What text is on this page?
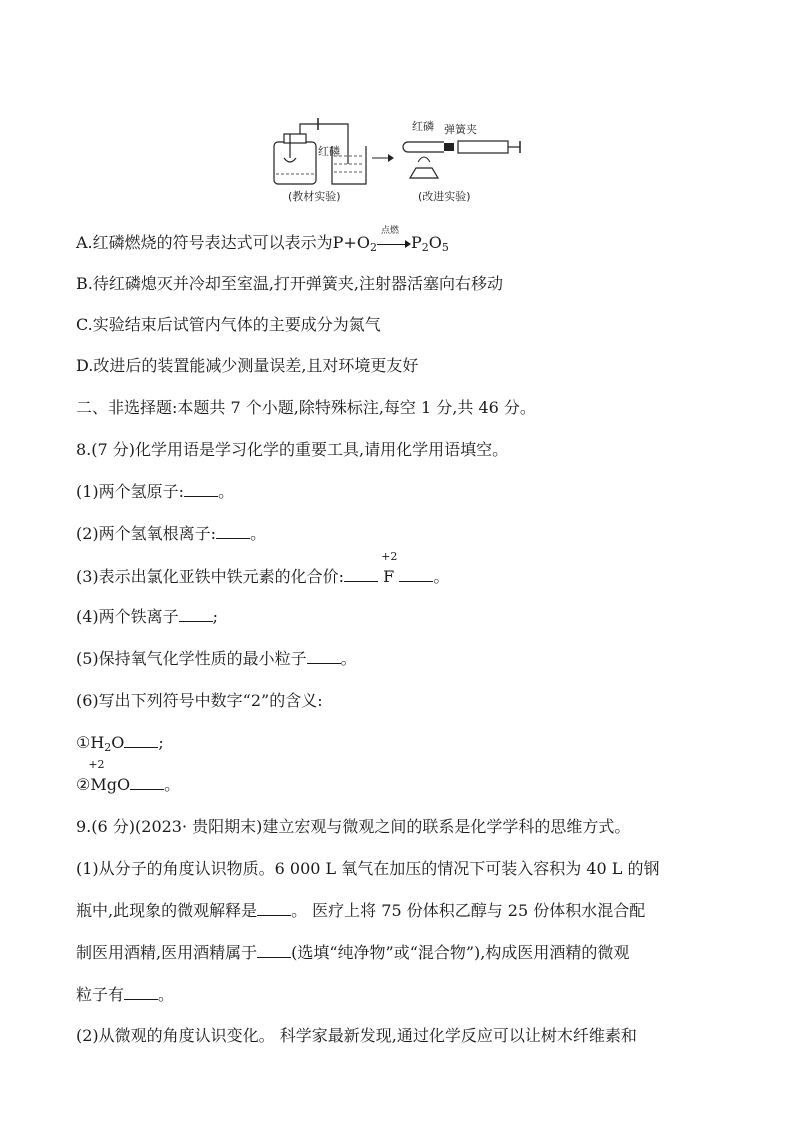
红磷
红磷 弹簧夹
(教材实验)	(改进实验)
A.红磷燃烧的符号表达式可以表示为$P+O_2$
点燃
$P_2O_5$
B.待红磷熄灭并冷却至室温,打开弹簧夹,注射器活塞向右移动
C.实验结束后试管内气体的主要成分为氮气
D.改进后的装置能减少测量误差,且对环境更友好
二、非选择题:本题共 7 个小题,除特殊标注,每空 1 分,共 46 分。
8.(7 分)化学用语是学习化学的重要工具,请用化学用语填空。
(1)两个氢原子: 。
(2)两个氢氧根离子: 。
(3)表示出氯化亚铁中铁元素的化合价:
+2
F 。
(4)两个铁离子 ;
(5)保持氧气化学性质的最小粒子 。
(6)写出下列符号中数字“2”的含义:
$①H_2O$ ;
②
+2
MgO 。
9.(6 分)(2023· 贵阳期末)建立宏观与微观之间的联系是化学学科的思维方式。
(1)从分子的角度认识物质。6 000 L 氧气在加压的情况下可装入容积为 40 L 的钢
瓶中,此现象的微观解释是 。 医疗上将 75 份体积乙醇与 25 份体积水混合配
制医用酒精,医用酒精属于 (选填“纯净物”或“混合物”),构成医用酒精的微观
粒子有 。
(2)从微观的角度认识变化。 科学家最新发现,通过化学反应可以让树木纤维素和
